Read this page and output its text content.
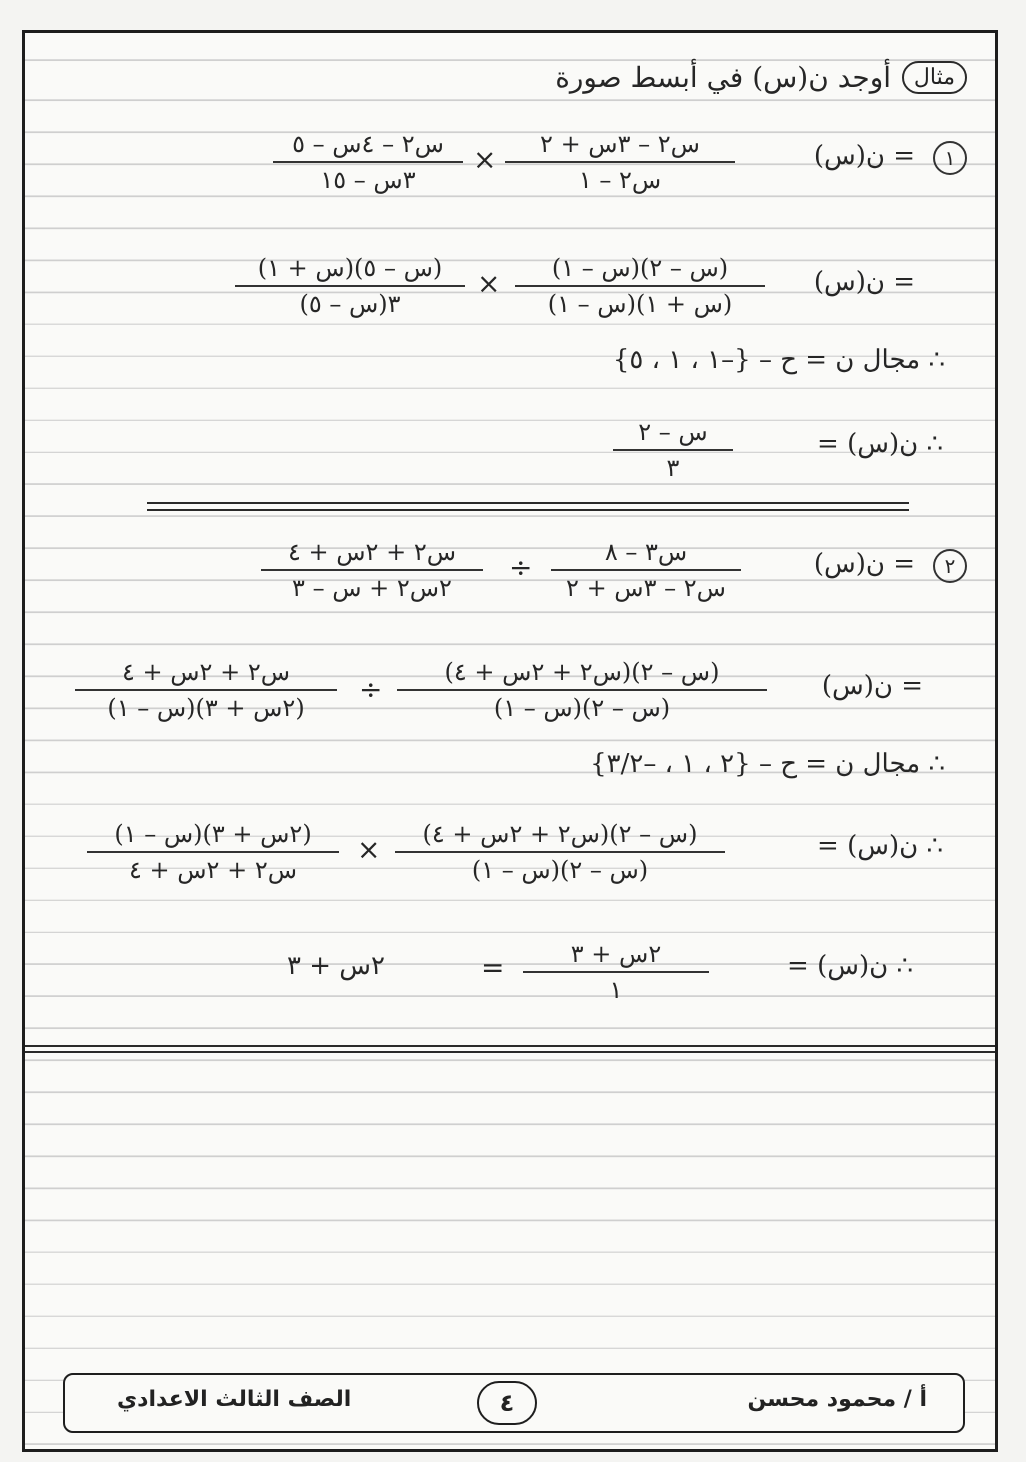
مثال
أوجد ن(س) في أبسط صورة
١
= ن(س)
س٢ – ٣س + ٢
س٢ – ١
×
س٢ – ٤س – ٥
٣س – ١٥
= ن(س)
(س – ٢)(س – ١)
(س + ١)(س – ١)
×
(س – ٥)(س + ١)
٣(س – ٥)
∴ مجال ن = ح – {–١ ، ١ ، ٥}
∴ ن(س) =
س – ٢
٣
٢
= ن(س)
س٣ – ٨
س٢ – ٣س + ٢
÷
س٢ + ٢س + ٤
٢س٢ + س – ٣
= ن(س)
(س – ٢)(س٢ + ٢س + ٤)
(س – ٢)(س – ١)
÷
س٢ + ٢س + ٤
(٢س + ٣)(س – ١)
∴ مجال ن = ح – {٢ ، ١ ، –٣/٢}
∴ ن(س) =
(س – ٢)(س٢ + ٢س + ٤)
(س – ٢)(س – ١)
×
(٢س + ٣)(س – ١)
س٢ + ٢س + ٤
∴ ن(س) =
٢س + ٣
١
=
٢س + ٣
أ / محمود محسن
٤
الصف الثالث الاعدادي
